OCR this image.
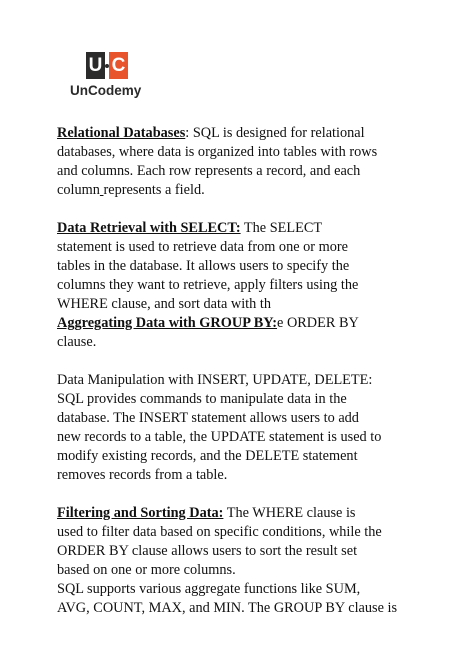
U C
UnCodemy

Relational Databases: SQL is designed for relational
databases, where data is organized into tables with rows
and columns. Each row represents a record, and each
column represents a field.

Data Retrieval with SELECT: The SELECT
statement is used to retrieve data from one or more
tables in the database. It allows users to specify the
columns they want to retrieve, apply filters using the
WHERE clause, and sort data with th
Aggregating Data with GROUP BY:e ORDER BY
clause.

Data Manipulation with INSERT, UPDATE, DELETE:
SQL provides commands to manipulate data in the
database. The INSERT statement allows users to add
new records to a table, the UPDATE statement is used to
modify existing records, and the DELETE statement
removes records from a table.

Filtering and Sorting Data: The WHERE clause is
used to filter data based on specific conditions, while the
ORDER BY clause allows users to sort the result set
based on one or more columns.
SQL supports various aggregate functions like SUM,
AVG, COUNT, MAX, and MIN. The GROUP BY clause is
